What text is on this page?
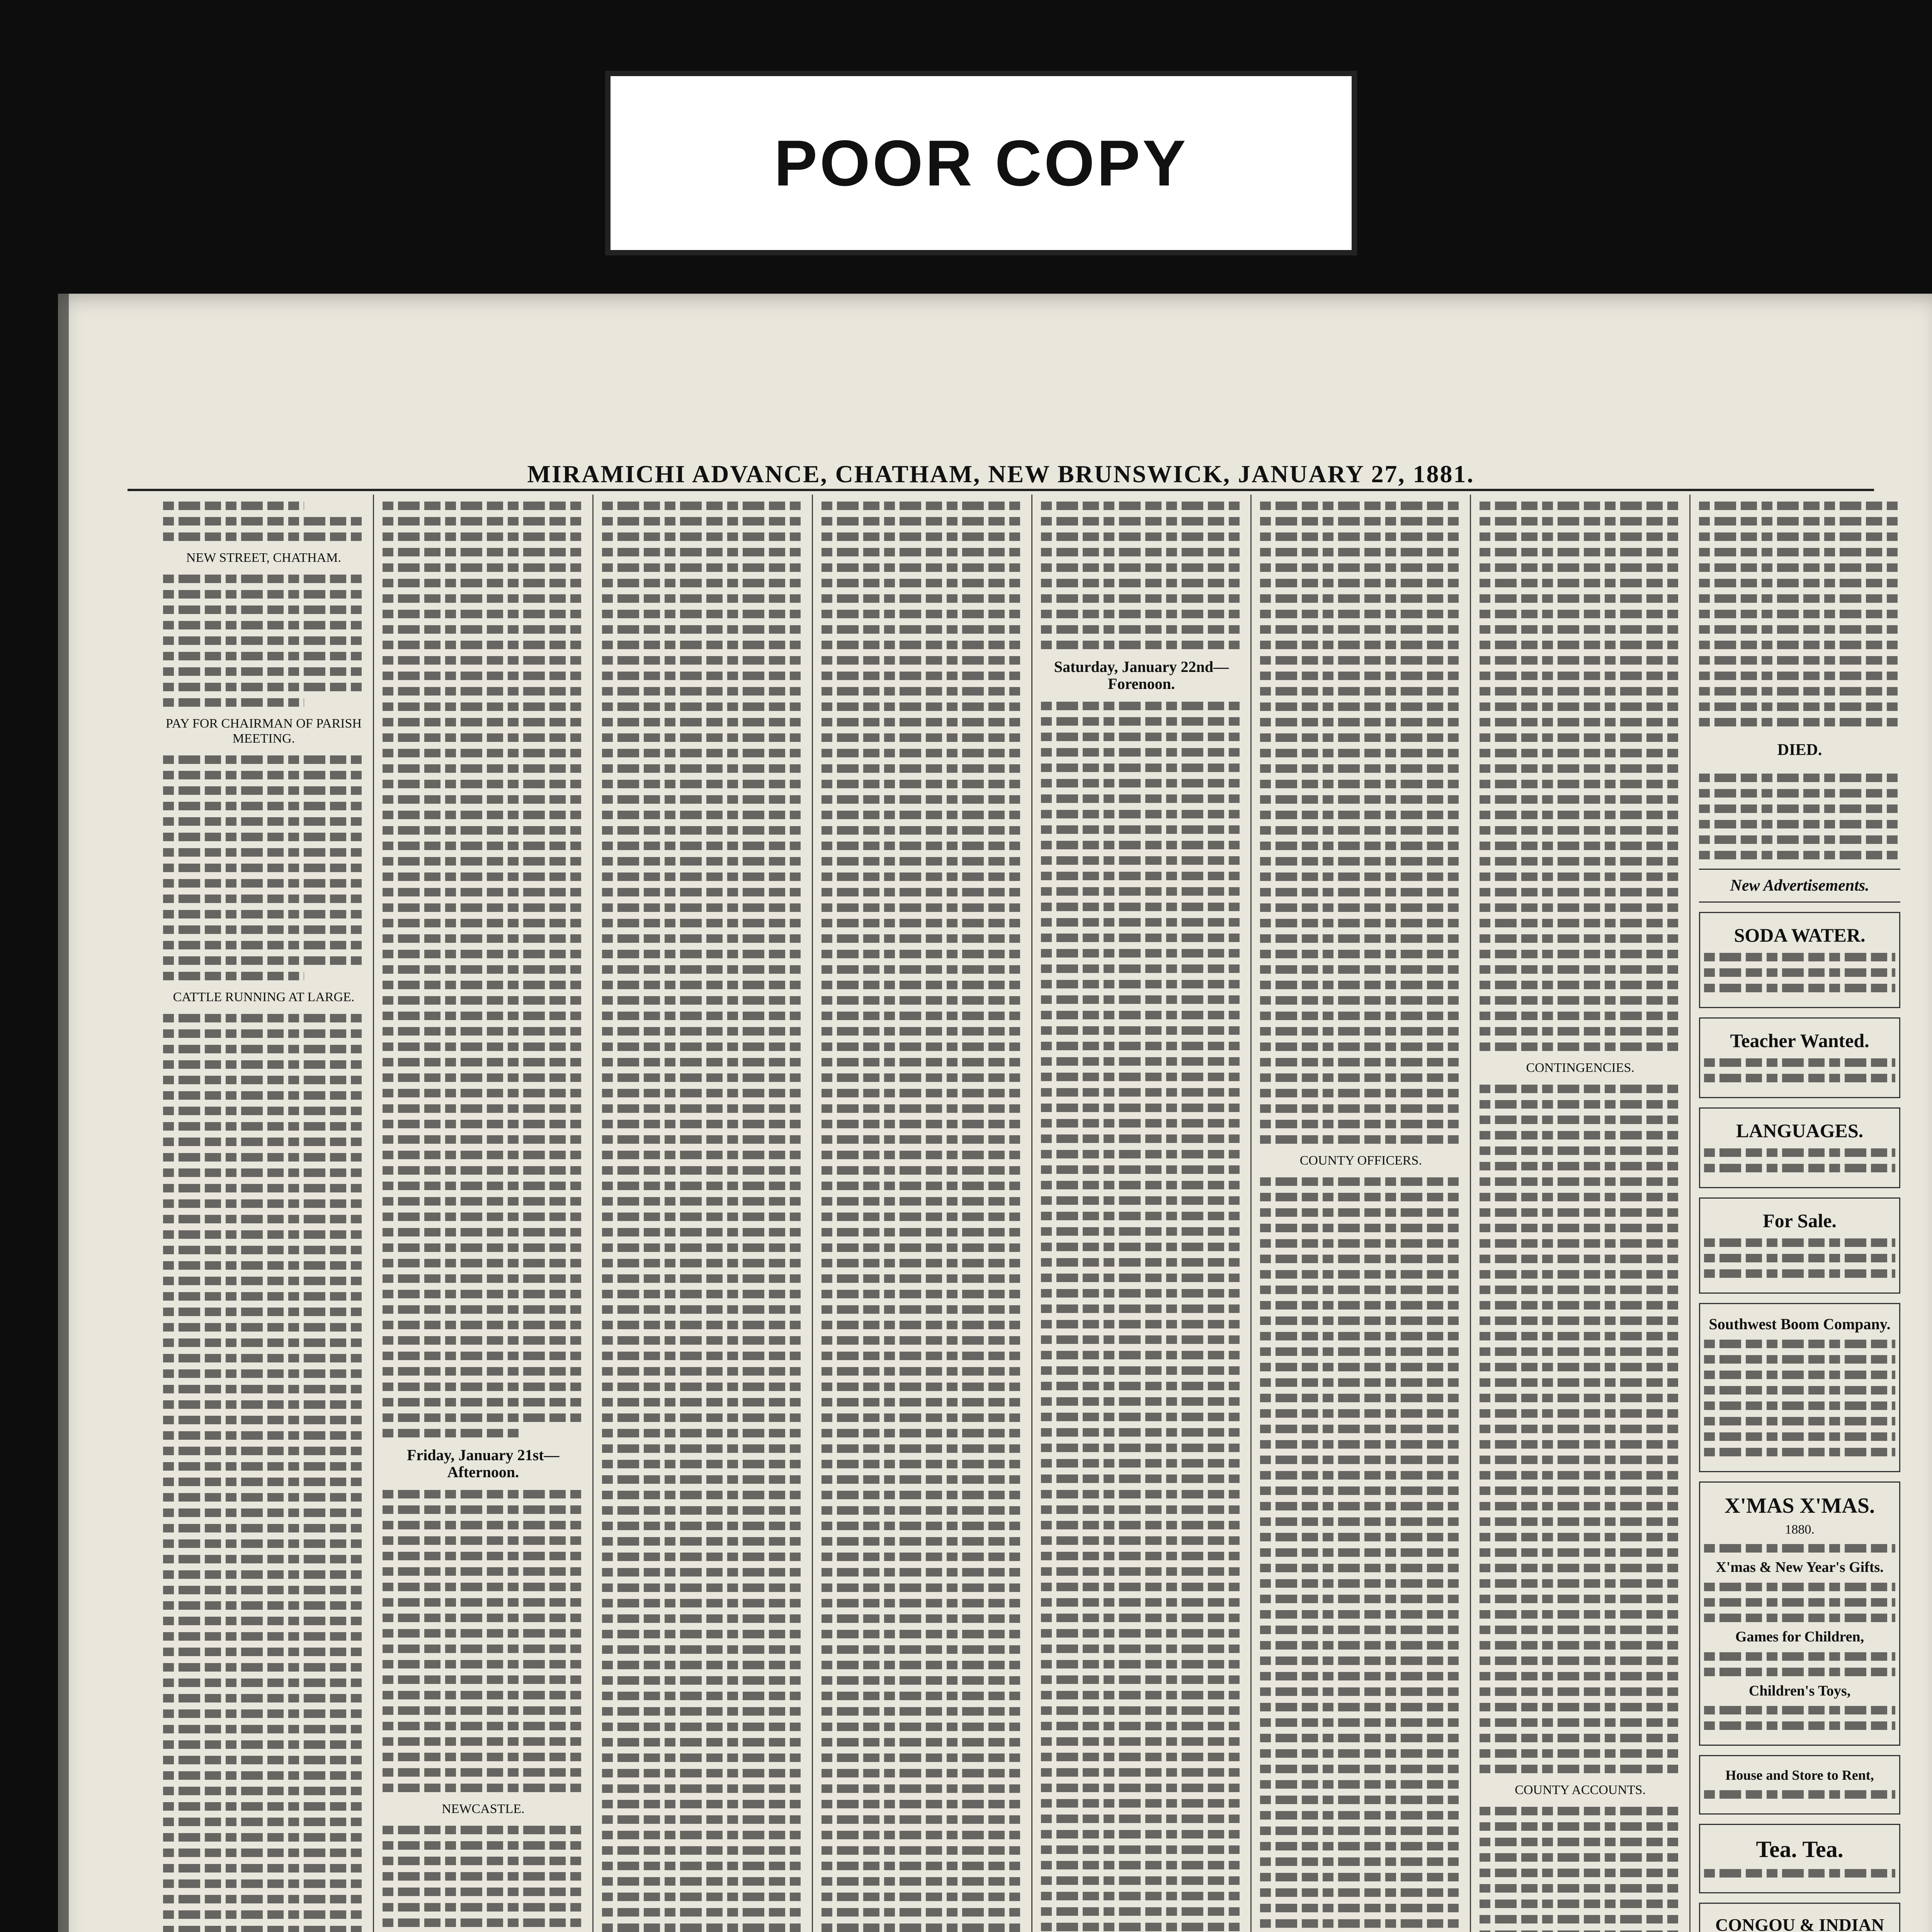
POOR COPY
MIRAMICHI ADVANCE, CHATHAM, NEW BRUNSWICK, JANUARY 27, 1881.
NEW STREET, CHATHAM.
PAY FOR CHAIRMAN OF PARISH MEETING.
CATTLE RUNNING AT LARGE.
Friday, January 21st—Afternoon.
NEWCASTLE.
Saturday, January 22nd—Forenoon.
COUNTY OFFICERS.
CONTINGENCIES.
COUNTY ACCOUNTS.
DIED.
New Advertisements.
SODA WATER.
Teacher Wanted.
LANGUAGES.
For Sale.
Southwest Boom Company.
X'MAS X'MAS.
1880.
X'mas & New Year's Gifts.
Games for Children,
Children's Toys,
House and Store to Rent,
Tea. Tea.
CONGOU & INDIAN
